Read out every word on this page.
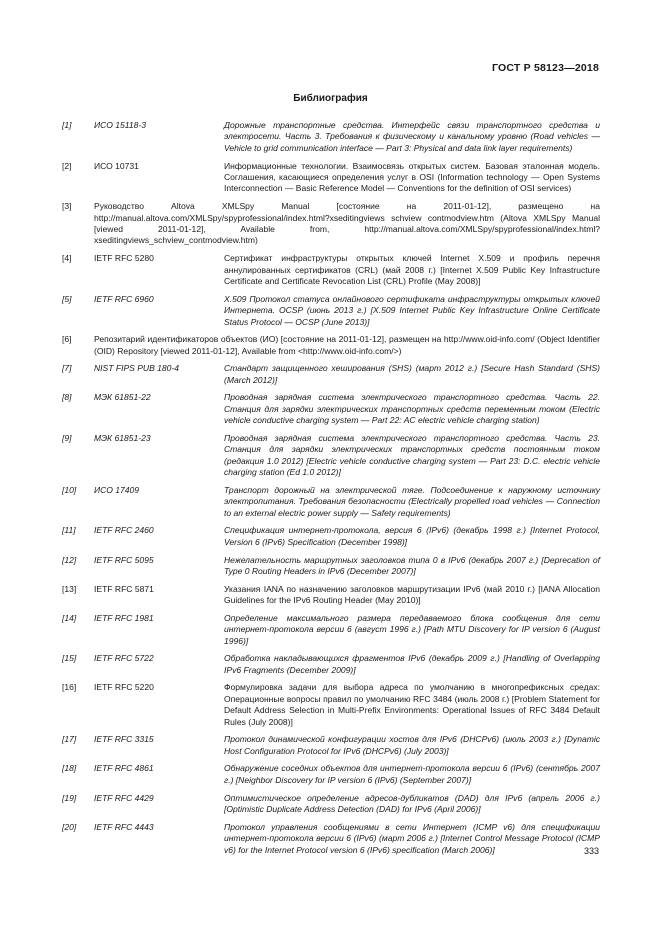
ГОСТ Р 58123—2018
Библиография
[1]	ИСО 15118-3	Дорожные транспортные средства. Интерфейс связи транспортного средства и электросети. Часть 3. Требования к физическому и канальному уровню (Road vehicles — Vehicle to grid communication interface — Part 3: Physical and data link layer requirements)
[2]	ИСО 10731	Информационные технологии. Взаимосвязь открытых систем. Базовая эталонная модель. Соглашения, касающиеся определения услуг в OSI (Information technology — Open Systems Interconnection — Basic Reference Model — Conventions for the definition of OSI services)
[3]	Руководство Altova XMLSpy Manual [состояние на 2011-01-12], размещено на http://manual.altova.com/XMLSpy/spyprofessional/index.html?xseditingviews schview contmodview.htm (Altova XMLSpy Manual [viewed 2011-01-12], Available from, http://manual.altova.com/XMLSpy/spyprofessional/index.html?xseditingviews_schview_contmodview.htm)
[4]	IETF RFC 5280	Сертификат инфраструктуры открытых ключей Internet X.509 и профиль перечня аннулированных сертификатов (CRL) (май 2008 г.) [Internet X.509 Public Key Infrastructure Certificate and Certificate Revocation List (CRL) Profile (May 2008)]
[5]	IETF RFC 6960	X.509 Протокол статуса онлайнового сертификата инфраструктуры открытых ключей Интернета. OCSP (июнь 2013 г.) [X.509 Internet Public Key Infrastructure Online Certificate Status Protocol — OCSP (June 2013)]
[6]	Репозитарий идентификаторов объектов (ИО) [состояние на 2011-01-12], размещен на http://www.oid-info.com/ (Object Identifier (OID) Repository [viewed 2011-01-12], Available from <http://www.oid-info.com/>)
[7]	NIST FIPS PUB 180-4	Стандарт защищенного хеширования (SHS) (март 2012 г.) [Secure Hash Standard (SHS) (March 2012)]
[8]	МЭК 61851-22	Проводная зарядная система электрического транспортного средства. Часть 22. Станция для зарядки электрических транспортных средств переменным током (Electric vehicle conductive charging system — Part 22: AC electric vehicle charging station)
[9]	МЭК 61851-23	Проводная зарядная система электрического транспортного средства. Часть 23. Станция для зарядки электрических транспортных средств постоянным током (редакция 1.0 2012) [Electric vehicle conductive charging system — Part 23: D.C. electric vehicle charging station (Ed 1.0 2012)]
[10]	ИСО 17409	Транспорт дорожный на электрической тяге. Подсоединение к наружному источнику электропитания. Требования безопасности (Electrically propelled road vehicles — Connection to an external electric power supply — Safety requirements)
[11]	IETF RFC 2460	Спецификация интернет-протокола, версия 6 (IPv6) (декабрь 1998 г.) [Internet Protocol, Version 6 (IPv6) Specification (December 1998)]
[12]	IETF RFC 5095	Нежелательность маршрутных заголовков типа 0 в IPv6 (декабрь 2007 г.) [Deprecation of Type 0 Routing Headers in IPv6 (December 2007)]
[13]	IETF RFC 5871	Указания IANA по назначению заголовков маршрутизации IPv6 (май 2010 г.) [IANA Allocation Guidelines for the IPv6 Routing Header (May 2010)]
[14]	IETF RFC 1981	Определение максимального размера передаваемого блока сообщения для сети интернет-протокола версии 6 (август 1996 г.) [Path MTU Discovery for IP version 6 (August 1996)]
[15]	IETF RFC 5722	Обработка накладывающихся фрагментов IPv6 (декабрь 2009 г.) [Handling of Overlapping IPv6 Fragments (December 2009)]
[16]	IETF RFC 5220	Формулировка задачи для выбора адреса по умолчанию в многопрефиксных средах: Операционные вопросы правил по умолчанию RFC 3484 (июль 2008 г.) [Problem Statement for Default Address Selection in Multi-Prefix Environments: Operational Issues of RFC 3484 Default Rules (July 2008)]
[17]	IETF RFC 3315	Протокол динамической конфигурации хостов для IPv6 (DHCPv6) (июль 2003 г.) [Dynamic Host Configuration Protocol for IPv6 (DHCPv6) (July 2003)]
[18]	IETF RFC 4861	Обнаружение соседних объектов для интернет-протокола версии 6 (IPv6) (сентябрь 2007 г.) [Neighbor Discovery for IP version 6 (IPv6) (September 2007)]
[19]	IETF RFC 4429	Оптимистическое определение адресов-дубликатов (DAD) для IPv6 (апрель 2006 г.) [Optimistic Duplicate Address Detection (DAD) for IPv6 (April 2006)]
[20]	IETF RFC 4443	Протокол управления сообщениями в сети Интернет (ICMP v6) для спецификации интернет-протокола версии 6 (IPv6) (март 2006 г.) [Internet Control Message Protocol (ICMP v6) for the Internet Protocol version 6 (IPv6) specification (March 2006)]	333
